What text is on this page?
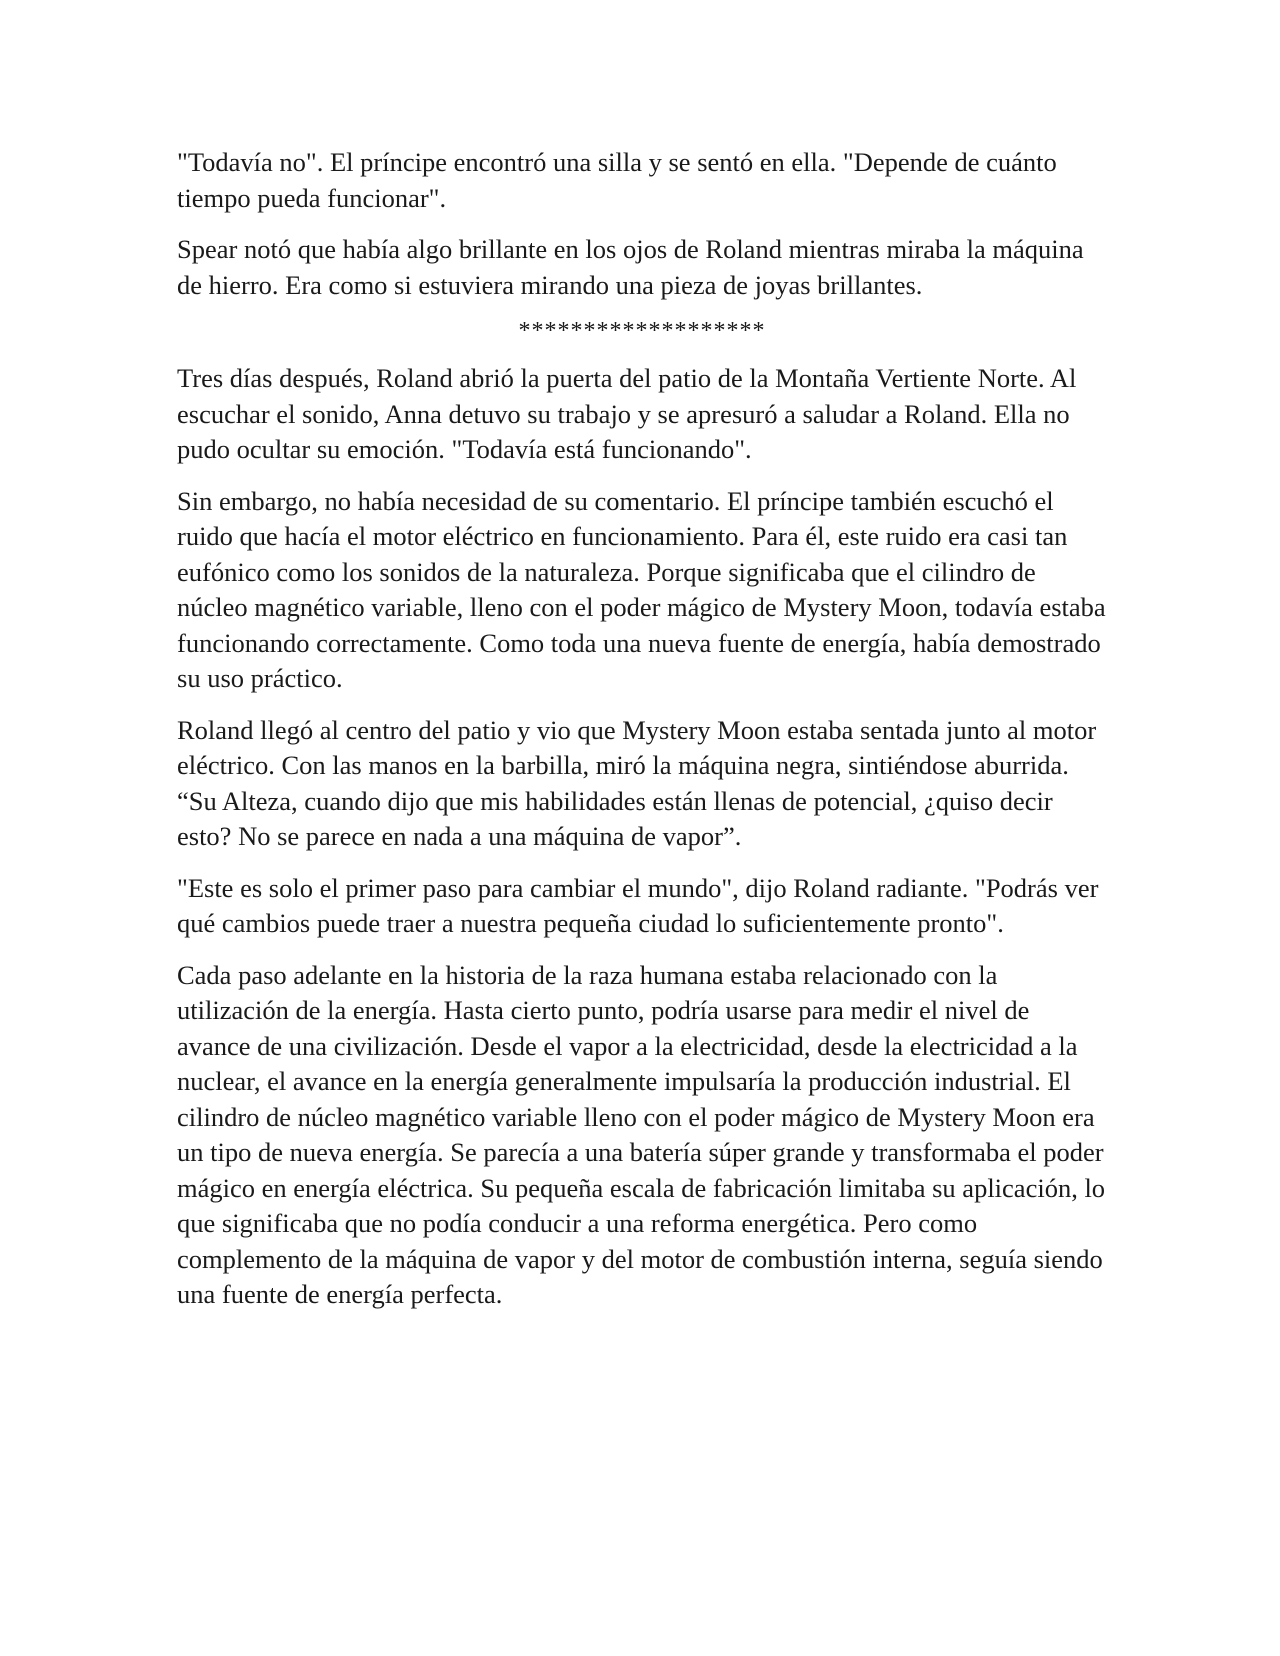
"Todavía no". El príncipe encontró una silla y se sentó en ella. "Depende de cuánto tiempo pueda funcionar".

Spear notó que había algo brillante en los ojos de Roland mientras miraba la máquina de hierro. Era como si estuviera mirando una pieza de joyas brillantes.

*******************

Tres días después, Roland abrió la puerta del patio de la Montaña Vertiente Norte. Al escuchar el sonido, Anna detuvo su trabajo y se apresuró a saludar a Roland. Ella no pudo ocultar su emoción. "Todavía está funcionando".

Sin embargo, no había necesidad de su comentario. El príncipe también escuchó el ruido que hacía el motor eléctrico en funcionamiento. Para él, este ruido era casi tan eufónico como los sonidos de la naturaleza. Porque significaba que el cilindro de núcleo magnético variable, lleno con el poder mágico de Mystery Moon, todavía estaba funcionando correctamente. Como toda una nueva fuente de energía, había demostrado su uso práctico.

Roland llegó al centro del patio y vio que Mystery Moon estaba sentada junto al motor eléctrico. Con las manos en la barbilla, miró la máquina negra, sintiéndose aburrida. “Su Alteza, cuando dijo que mis habilidades están llenas de potencial, ¿quiso decir esto? No se parece en nada a una máquina de vapor”.

"Este es solo el primer paso para cambiar el mundo", dijo Roland radiante. "Podrás ver qué cambios puede traer a nuestra pequeña ciudad lo suficientemente pronto".

Cada paso adelante en la historia de la raza humana estaba relacionado con la utilización de la energía. Hasta cierto punto, podría usarse para medir el nivel de avance de una civilización. Desde el vapor a la electricidad, desde la electricidad a la nuclear, el avance en la energía generalmente impulsaría la producción industrial. El cilindro de núcleo magnético variable lleno con el poder mágico de Mystery Moon era un tipo de nueva energía. Se parecía a una batería súper grande y transformaba el poder mágico en energía eléctrica. Su pequeña escala de fabricación limitaba su aplicación, lo que significaba que no podía conducir a una reforma energética. Pero como complemento de la máquina de vapor y del motor de combustión interna, seguía siendo una fuente de energía perfecta.
